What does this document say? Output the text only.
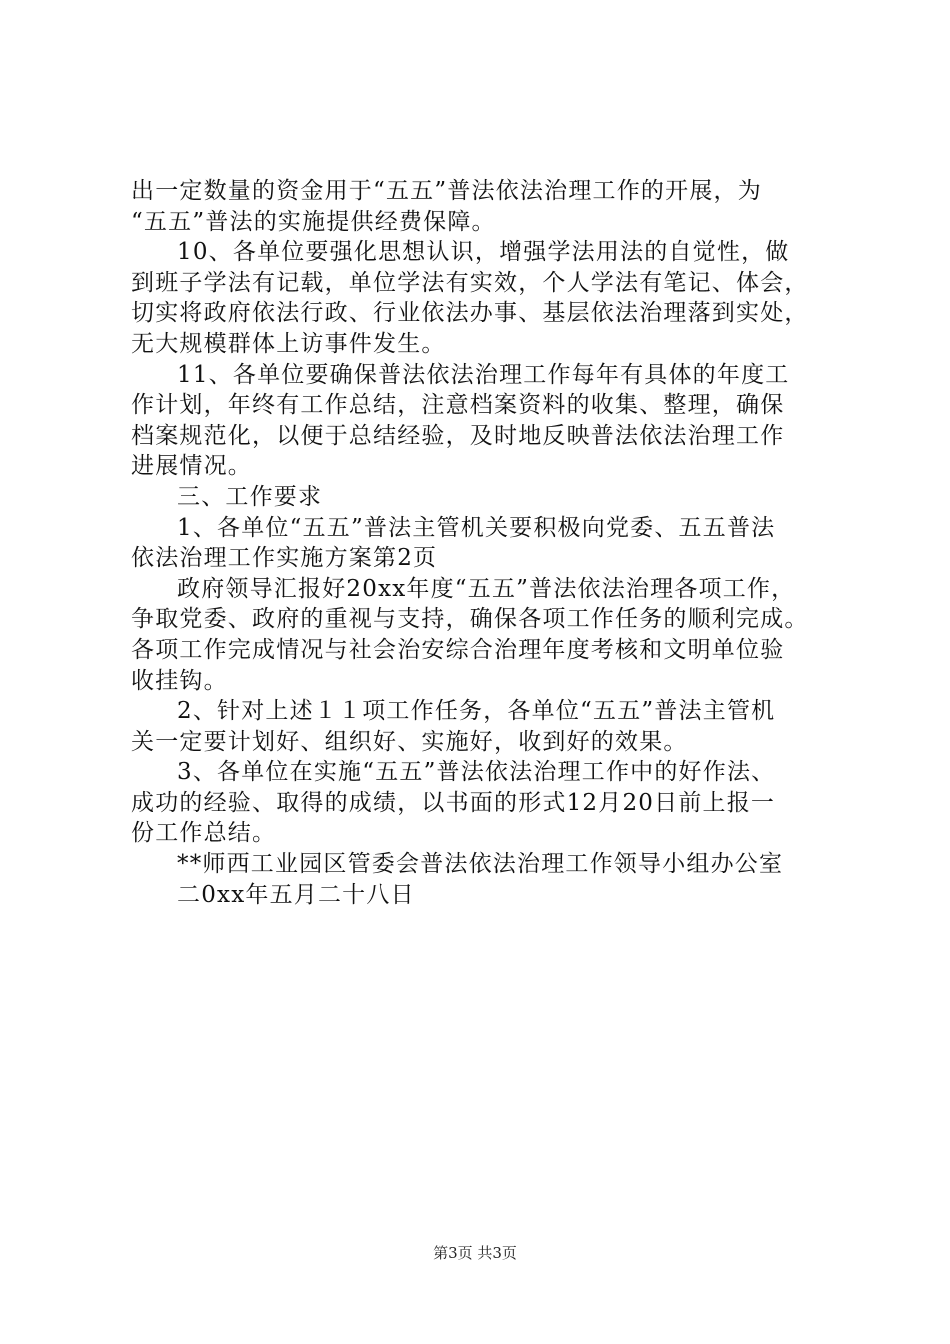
出一定数量的资金用于“五五”普法依法治理工作的开展，为
“五五”普法的实施提供经费保障。
10、各单位要强化思想认识，增强学法用法的自觉性，做
到班子学法有记载，单位学法有实效，个人学法有笔记、体会，
切实将政府依法行政、行业依法办事、基层依法治理落到实处，
无大规模群体上访事件发生。
11、各单位要确保普法依法治理工作每年有具体的年度工
作计划，年终有工作总结，注意档案资料的收集、整理，确保
档案规范化，以便于总结经验，及时地反映普法依法治理工作
进展情况。
三、工作要求
1、各单位“五五”普法主管机关要积极向党委、五五普法
依法治理工作实施方案第2页
政府领导汇报好20xx年度“五五”普法依法治理各项工作，
争取党委、政府的重视与支持，确保各项工作任务的顺利完成。
各项工作完成情况与社会治安综合治理年度考核和文明单位验
收挂钩。
2、针对上述１１项工作任务，各单位“五五”普法主管机
关一定要计划好、组织好、实施好，收到好的效果。
3、各单位在实施“五五”普法依法治理工作中的好作法、
成功的经验、取得的成绩，以书面的形式12月20日前上报一
份工作总结。
**师西工业园区管委会普法依法治理工作领导小组办公室
二0xx年五月二十八日
第3页 共3页
